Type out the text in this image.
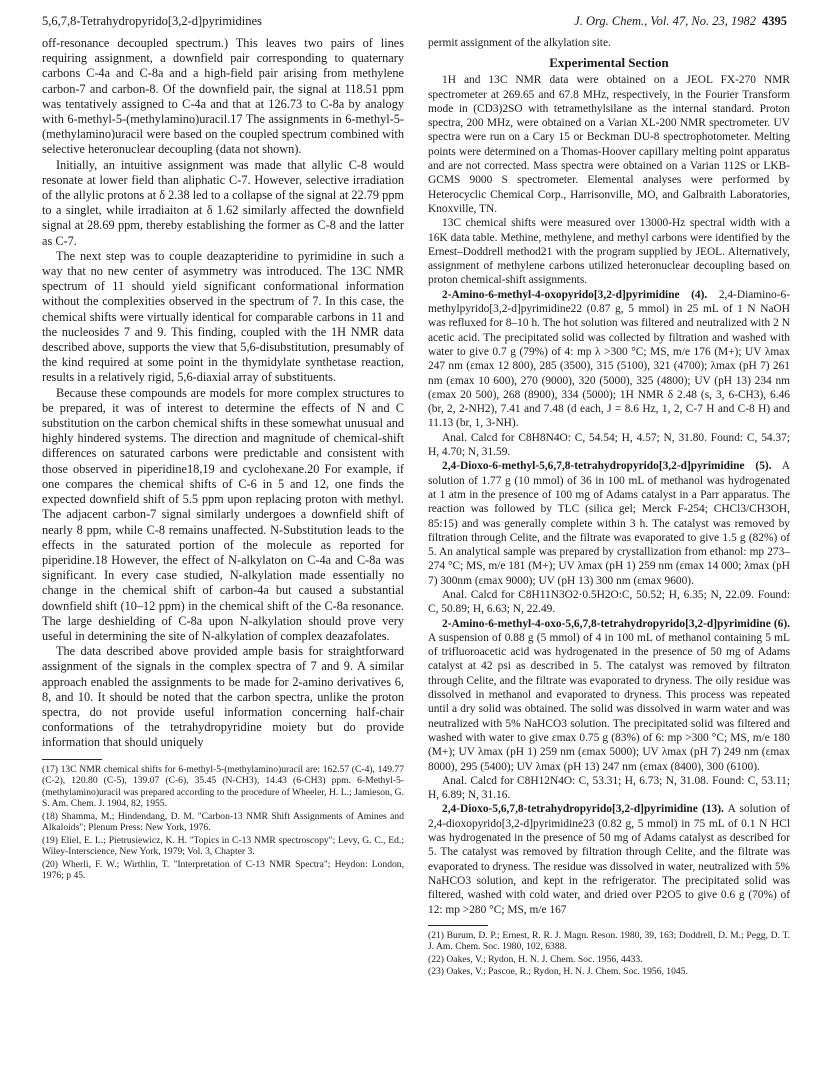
5,6,7,8-Tetrahydropyrido[3,2-d]pyrimidines	J. Org. Chem., Vol. 47, No. 23, 1982 4395

off-resonance decoupled spectrum.) This leaves two pairs of lines requiring assignment, a downfield pair corresponding to quaternary carbons C-4a and C-8a and a high-field pair arising from methylene carbon-7 and carbon-8. Of the downfield pair, the signal at 118.51 ppm was tentatively assigned to C-4a and that at 126.73 to C-8a by analogy with 6-methyl-5-(methylamino)uracil.17 The assignments in 6-methyl-5-(methylamino)uracil were based on the coupled spectrum combined with selective heteronuclear decoupling (data not shown).

Initially, an intuitive assignment was made that allylic C-8 would resonate at lower field than aliphatic C-7. However, selective irradiation of the allylic protons at δ 2.38 led to a collapse of the signal at 22.79 ppm to a singlet, while irradiaiton at δ 1.62 similarly affected the downfield signal at 28.69 ppm, thereby establishing the former as C-8 and the latter as C-7.

The next step was to couple deazapteridine to pyrimidine in such a way that no new center of asymmetry was introduced. The 13C NMR spectrum of 11 should yield significant conformational information without the complexities observed in the spectrum of 7. In this case, the chemical shifts were virtually identical for comparable carbons in 11 and the nucleosides 7 and 9. This finding, coupled with the 1H NMR data described above, supports the view that 5,6-disubstitution, presumably of the kind required at some point in the thymidylate synthetase reaction, results in a relatively rigid, 5,6-diaxial array of substituents.

Because these compounds are models for more complex structures to be prepared, it was of interest to determine the effects of N and C substitution on the carbon chemical shifts in these somewhat unusual and highly hindered systems. The direction and magnitude of chemical-shift differences on saturated carbons were predictable and consistent with those observed in piperidine18,19 and cyclohexane.20 For example, if one compares the chemical shifts of C-6 in 5 and 12, one finds the expected downfield shift of 5.5 ppm upon replacing proton with methyl. The adjacent carbon-7 signal similarly undergoes a downfield shift of nearly 8 ppm, while C-8 remains unaffected. N-Substitution leads to the effects in the saturated portion of the molecule as reported for piperidine.18 However, the effect of N-alkylaton on C-4a and C-8a was significant. In every case studied, N-alkylation made essentially no change in the chemical shift of carbon-4a but caused a substantial downfield shift (10–12 ppm) in the chemical shift of the C-8a resonance. The large deshielding of C-8a upon N-alkylation should prove very useful in determining the site of N-alkylation of complex deazafolates.

The data described above provided ample basis for straightforward assignment of the signals in the complex spectra of 7 and 9. A similar approach enabled the assignments to be made for 2-amino derivatives 6, 8, and 10. It should be noted that the carbon spectra, unlike the proton spectra, do not provide useful information concerning half-chair conformations of the tetrahydropyridine moiety but do provide information that should uniquely

(17) 13C NMR chemical shifts for 6-methyl-5-(methylamino)uracil are: 162.57 (C-4), 149.77 (C-2), 120.80 (C-5), 139.07 (C-6), 35.45 (N-CH3), 14.43 (6-CH3) ppm. 6-Methyl-5-(methylamino)uracil was prepared according to the procedure of Wheeler, H. L.; Jamieson, G. S. Am. Chem. J. 1904, 82, 1955.

(18) Shamma, M.; Hindendang, D. M. "Carbon-13 NMR Shift Assignments of Amines and Alkaloids"; Plenum Press: New York, 1976.

(19) Eliel, E. L.; Pietrusiewicz, K. H. "Topics in C-13 NMR spectroscopy"; Levy, G. C., Ed.; Wiley-Interscience, New York, 1979; Vol. 3, Chapter 3.

(20) Wherli, F. W.; Wirthlin, T. "Interpretation of C-13 NMR Spectra"; Heydon: London, 1976; p 45.

permit assignment of the alkylation site.

Experimental Section

1H and 13C NMR data were obtained on a JEOL FX-270 NMR spectrometer at 269.65 and 67.8 MHz, respectively, in the Fourier Transform mode in (CD3)2SO with tetramethylsilane as the internal standard. Proton spectra, 200 MHz, were obtained on a Varian XL-200 NMR spectrometer. UV spectra were run on a Cary 15 or Beckman DU-8 spectrophotometer. Melting points were determined on a Thomas-Hoover capillary melting point apparatus and are not corrected. Mass spectra were obtained on a Varian 112S or LKB-GCMS 9000 S spectrometer. Elemental analyses were performed by Heterocyclic Chemical Corp., Harrisonville, MO, and Galbraith Laboratories, Knoxville, TN.

13C chemical shifts were measured over 13000-Hz spectral width with a 16K data table. Methine, methylene, and methyl carbons were identified by the Ernest–Doddrell method21 with the program supplied by JEOL. Alternatively, assignment of methylene carbons utilized heteronuclear decoupling based on proton chemical-shift assignments.

2-Amino-6-methyl-4-oxopyrido[3,2-d]pyrimidine (4). 2,4-Diamino-6-methylpyrido[3,2-d]pyrimidine22 (0.87 g, 5 mmol) in 25 mL of 1 N NaOH was refluxed for 8–10 h. The hot solution was filtered and neutralized with 2 N acetic acid. The precipitated solid was collected by filtration and washed with water to give 0.7 g (79%) of 4: mp λ >300 °C; MS, m/e 176 (M+); UV λmax 247 nm (εmax 12 800), 285 (3500), 315 (5100), 321 (4700); λmax (pH 7) 261 nm (εmax 10 600), 270 (9000), 320 (5000), 325 (4800); UV (pH 13) 234 nm (εmax 20 500), 268 (8900), 334 (5000); 1H NMR δ 2.48 (s, 3, 6-CH3), 6.46 (br, 2, 2-NH2), 7.41 and 7.48 (d each, J = 8.6 Hz, 1, 2, C-7 H and C-8 H) and 11.13 (br, 1, 3-NH).

Anal. Calcd for C8H8N4O: C, 54.54; H, 4.57; N, 31.80. Found: C, 54.37; H, 4.70; N, 31.59.

2,4-Dioxo-6-methyl-5,6,7,8-tetrahydropyrido[3,2-d]pyrimidine (5). A solution of 1.77 g (10 mmol) of 36 in 100 mL of methanol was hydrogenated at 1 atm in the presence of 100 mg of Adams catalyst in a Parr apparatus. The reaction was followed by TLC (silica gel; Merck F-254; CHCl3/CH3OH, 85:15) and was generally complete within 3 h. The catalyst was removed by filtration through Celite, and the filtrate was evaporated to give 1.5 g (82%) of 5. An analytical sample was prepared by crystallization from ethanol: mp 273–274 °C; MS, m/e 181 (M+); UV λmax (pH 1) 259 nm (εmax 14 000; λmax (pH 7) 300nm (εmax 9000); UV (pH 13) 300 nm (εmax 9600).

Anal. Calcd for C8H11N3O2·0.5H2O:C, 50.52; H, 6.35; N, 22.09. Found: C, 50.89; H, 6.63; N, 22.49.

2-Amino-6-methyl-4-oxo-5,6,7,8-tetrahydropyrido[3,2-d]pyrimidine (6). A suspension of 0.88 g (5 mmol) of 4 in 100 mL of methanol containing 5 mL of trifluoroacetic acid was hydrogenated in the presence of 50 mg of Adams catalyst at 42 psi as described in 5. The catalyst was removed by filtraton through Celite, and the filtrate was evaporated to dryness. The oily residue was dissolved in methanol and evaporated to dryness. This process was repeated until a dry solid was obtained. The solid was dissolved in warm water and was neutralized with 5% NaHCO3 solution. The precipitated solid was filtered and washed with water to give εmax 0.75 g (83%) of 6: mp >300 °C; MS, m/e 180 (M+); UV λmax (pH 1) 259 nm (εmax 5000); UV λmax (pH 7) 249 nm (εmax 8000), 295 (5400); UV λmax (pH 13) 247 nm (εmax (8400), 300 (6100).

Anal. Calcd for C8H12N4O: C, 53.31; H, 6.73; N, 31.08. Found: C, 53.11; H, 6.89; N, 31.16.

2,4-Dioxo-5,6,7,8-tetrahydropyrido[3,2-d]pyrimidine (13). A solution of 2,4-dioxopyrido[3,2-d]pyrimidine23 (0.82 g, 5 mmol) in 75 mL of 0.1 N HCl was hydrogenated in the presence of 50 mg of Adams catalyst as described for 5. The catalyst was removed by filtration through Celite, and the filtrate was evaporated to dryness. The residue was dissolved in water, neutralized with 5% NaHCO3 solution, and kept in the refrigerator. The precipitated solid was filtered, washed with cold water, and dried over P2O5 to give 0.6 g (70%) of 12: mp >280 °C; MS, m/e 167

(21) Burum, D. P.; Ernest, R. R. J. Magn. Reson. 1980, 39, 163; Doddrell, D. M.; Pegg, D. T. J. Am. Chem. Soc. 1980, 102, 6388.

(22) Oakes, V.; Rydon, H. N. J. Chem. Soc. 1956, 4433.

(23) Oakes, V.; Pascoe, R.; Rydon, H. N. J. Chem. Soc. 1956, 1045.
